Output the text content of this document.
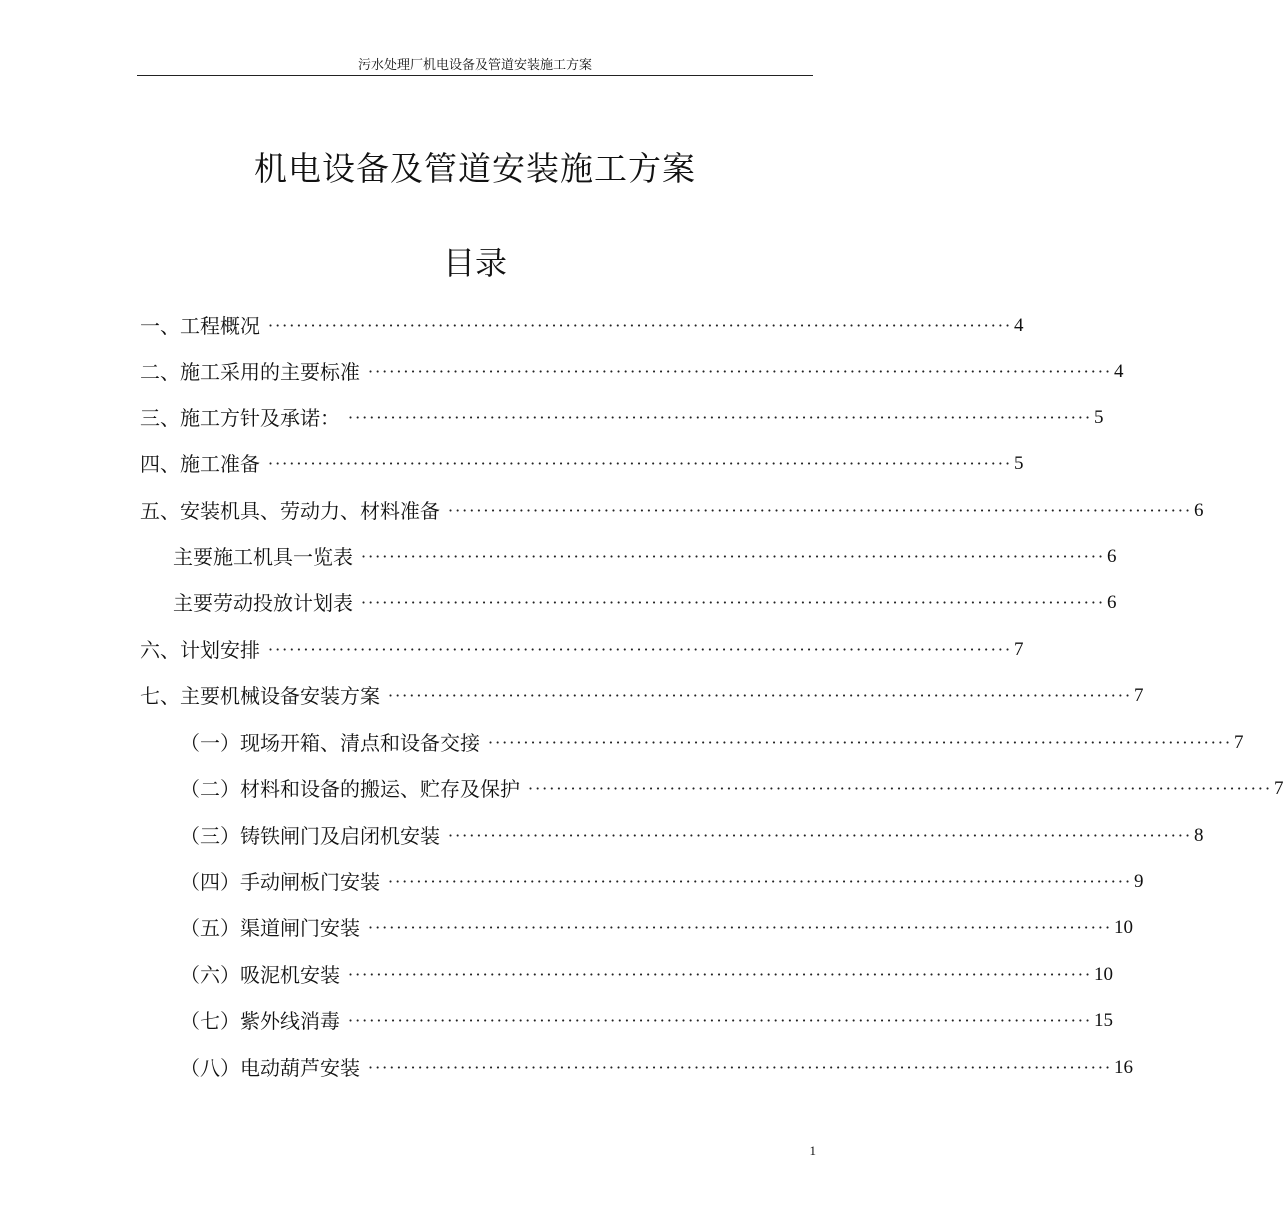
污水处理厂机电设备及管道安装施工方案
机电设备及管道安装施工方案
目录
一、工程概况 ········································································································· 4
二、施工采用的主要标准 ········································································································· 4
三、施工方针及承诺： ········································································································· 5
四、施工准备 ········································································································· 5
五、安装机具、劳动力、材料准备 ········································································································· 6
主要施工机具一览表 ········································································································· 6
主要劳动投放计划表 ········································································································· 6
六、计划安排 ········································································································· 7
七、主要机械设备安装方案 ········································································································· 7
（一）现场开箱、清点和设备交接 ········································································································· 7
（二）材料和设备的搬运、贮存及保护 ········································································································· 7
（三）铸铁闸门及启闭机安装 ········································································································· 8
（四）手动闸板门安装 ········································································································· 9
（五）渠道闸门安装 ········································································································· 10
（六）吸泥机安装 ········································································································· 10
（七）紫外线消毒 ········································································································· 15
（八）电动葫芦安装 ········································································································· 16
1
